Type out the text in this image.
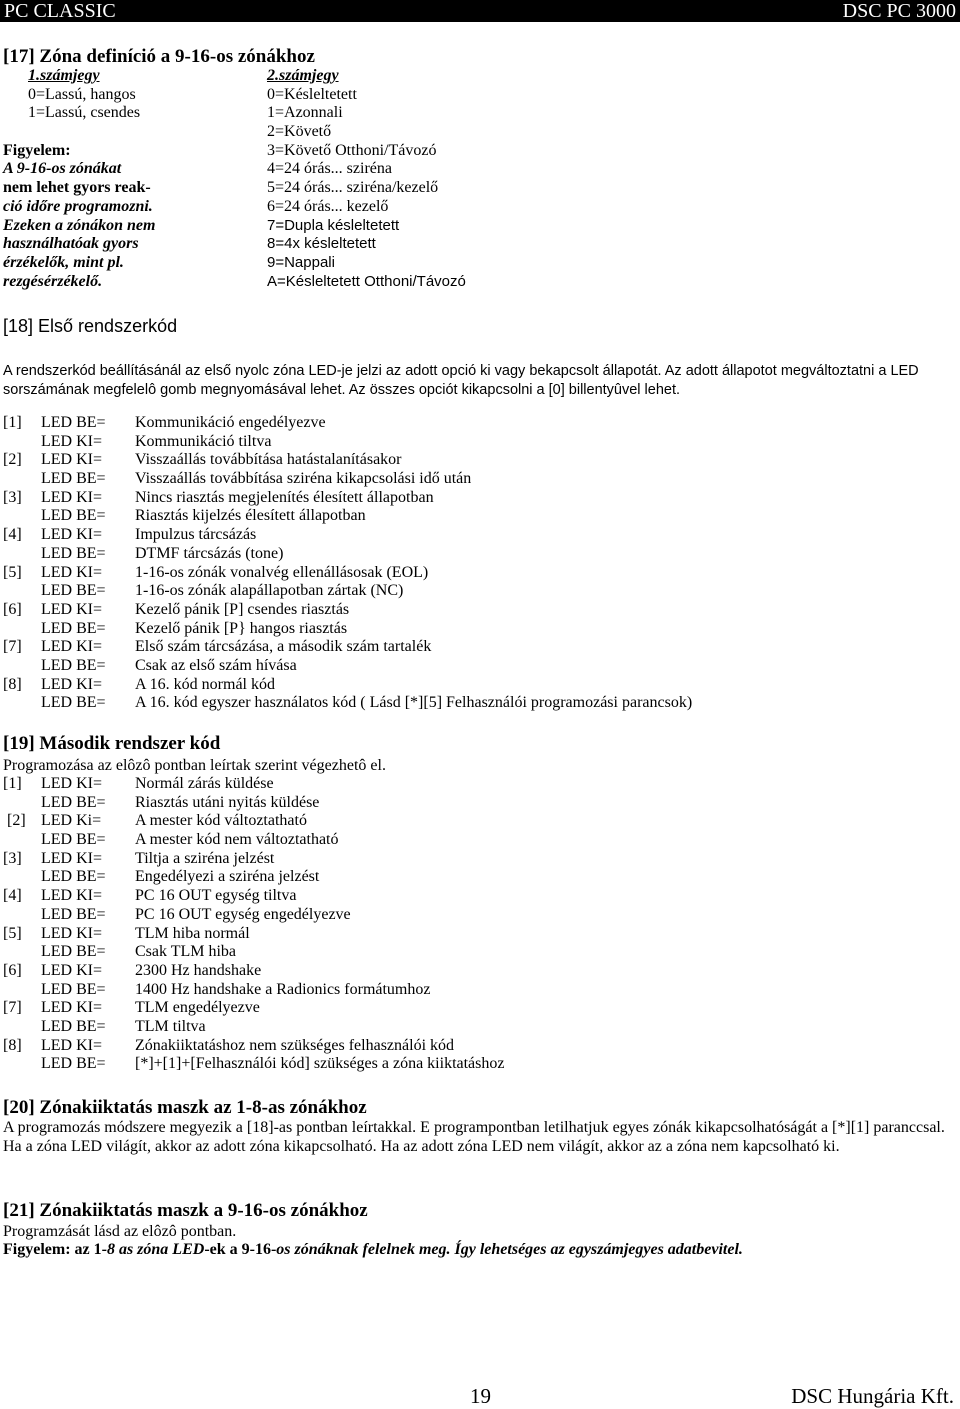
PC CLASSIC	DSC PC 3000
[17] Zóna definíció a 9-16-os zónákhoz
1.számjegy
0=Lassú, hangos
1=Lassú, csendes
Figyelem:
A 9-16-os zónákat
nem lehet gyors reak-
ció időre programozni.
Ezeken a zónákon nem
használhatóak gyors
érzékelők, mint pl.
rezgésérzékelő.
2.számjegy
0=Késleltetett
1=Azonnali
2=Követő
3=Követő Otthoni/Távozó
4=24 órás... sziréna
5=24 órás... sziréna/kezelő
6=24 órás... kezelő
7=Dupla késleltetett
8=4x késleltetett
9=Nappali
A=Késleltetett Otthoni/Távozó
[18] Első rendszerkód
A rendszerkód beállításánál az első nyolc zóna LED-je jelzi az adott opció ki vagy bekapcsolt állapotát. Az adott állapotot megváltoztatni a LED sorszámának megfelelô gomb megnyomásával lehet. Az összes opciót kikapcsolni a [0] billentyûvel lehet.
[1] LED BE= Kommunikáció engedélyezve
LED KI= Kommunikáció tiltva
[2] LED KI= Visszaállás továbbítása hatástalanításakor
LED BE= Visszaállás továbbítása sziréna kikapcsolási idő után
[3] LED KI= Nincs riasztás megjelenítés élesített állapotban
LED BE= Riasztás kijelzés élesített állapotban
[4] LED KI= Impulzus tárcsázás
LED BE= DTMF tárcsázás (tone)
[5] LED KI= 1-16-os zónák vonalvég ellenállásosak (EOL)
LED BE= 1-16-os zónák alapállapotban zártak (NC)
[6] LED KI= Kezelő pánik [P] csendes riasztás
LED BE= Kezelő pánik [P} hangos riasztás
[7] LED KI= Első szám tárcsázása, a második szám tartalék
LED BE= Csak az első szám hívása
[8] LED KI= A 16. kód normál kód
LED BE= A 16. kód egyszer használatos kód ( Lásd [*][5] Felhasználói programozási parancsok)
[19] Második rendszer kód
Programozása az elôzô pontban leírtak szerint végezhetô el.
[1] LED KI= Normál zárás küldése
LED BE= Riasztás utáni nyitás küldése
[2] LED Ki= A mester kód változtatható
LED BE= A mester kód nem változtatható
[3] LED KI= Tiltja a sziréna jelzést
LED BE= Engedélyezi a sziréna jelzést
[4] LED KI= PC 16 OUT egység tiltva
LED BE= PC 16 OUT egység engedélyezve
[5] LED KI= TLM hiba normál
LED BE= Csak TLM hiba
[6] LED KI= 2300 Hz handshake
LED BE= 1400 Hz handshake a Radionics formátumhoz
[7] LED KI= TLM engedélyezve
LED BE= TLM tiltva
[8] LED KI= Zónakiiktatáshoz nem szükséges felhasználói kód
LED BE= [*]+[1]+[Felhasználói kód] szükséges a zóna kiiktatáshoz
[20] Zónakiiktatás maszk az 1-8-as zónákhoz
A programozás módszere megyezik a [18]-as pontban leírtakkal. E programpontban letilhatjuk egyes zónák kikapcsolhatóságát a [*][1] paranccsal. Ha a zóna LED világít, akkor az adott zóna kikapcsolható. Ha az adott zóna LED nem világít, akkor az a zóna nem kapcsolható ki.
[21] Zónakiiktatás maszk a 9-16-os zónákhoz
Programzását lásd az elôzô pontban.
Figyelem: az 1-8 as zóna LED-ek a 9-16-os zónáknak felelnek meg. Így lehetséges az egyszámjegyes adatbevitel.
19	DSC Hungária Kft.
